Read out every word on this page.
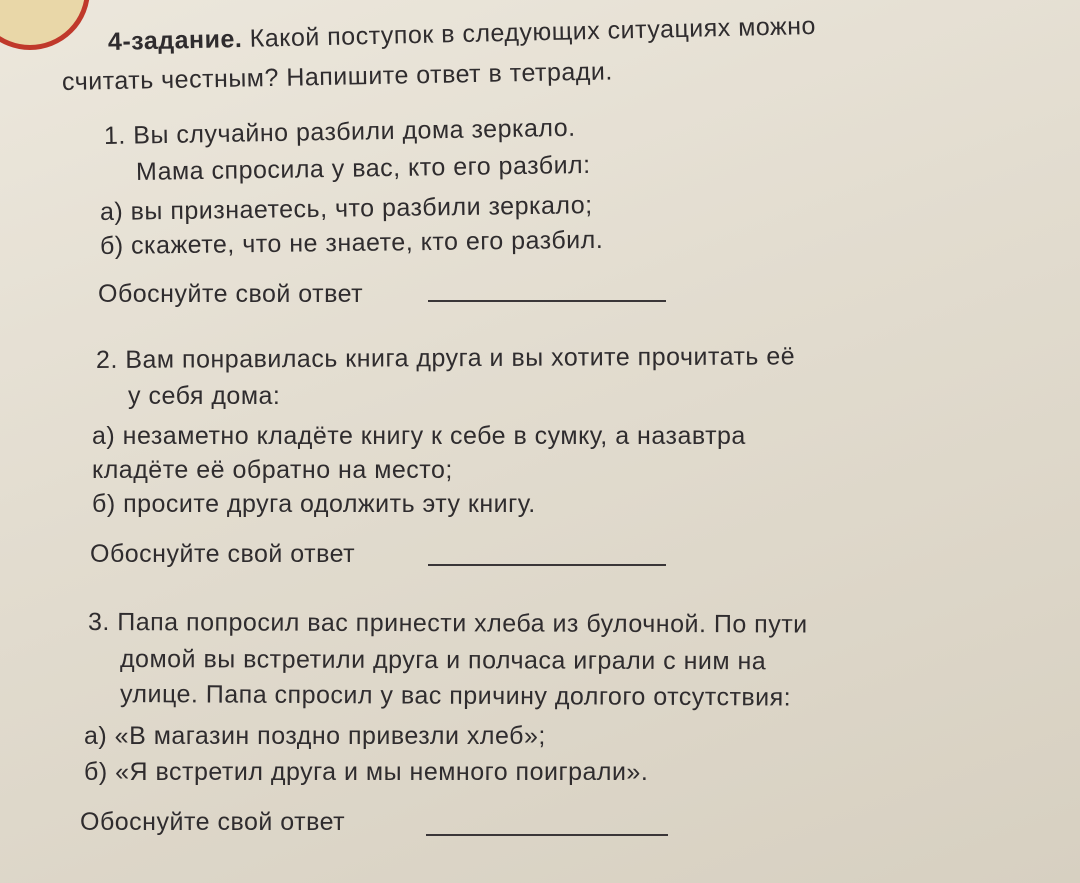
4-задание. Какой поступок в следующих ситуациях можно
считать честным? Напишите ответ в тетради.
1. Вы случайно разбили дома зеркало.
Мама спросила у вас, кто его разбил:
а) вы признаетесь, что разбили зеркало;
б) скажете, что не знаете, кто его разбил.
Обоснуйте свой ответ
2. Вам понравилась книга друга и вы хотите прочитать её
у себя дома:
а) незаметно кладёте книгу к себе в сумку, а назавтра
кладёте её обратно на место;
б) просите друга одолжить эту книгу.
Обоснуйте свой ответ
3. Папа попросил вас принести хлеба из булочной. По пути
домой вы встретили друга и полчаса играли с ним на
улице. Папа спросил у вас причину долгого отсутствия:
а) «В магазин поздно привезли хлеб»;
б) «Я встретил друга и мы немного поиграли».
Обоснуйте свой ответ
